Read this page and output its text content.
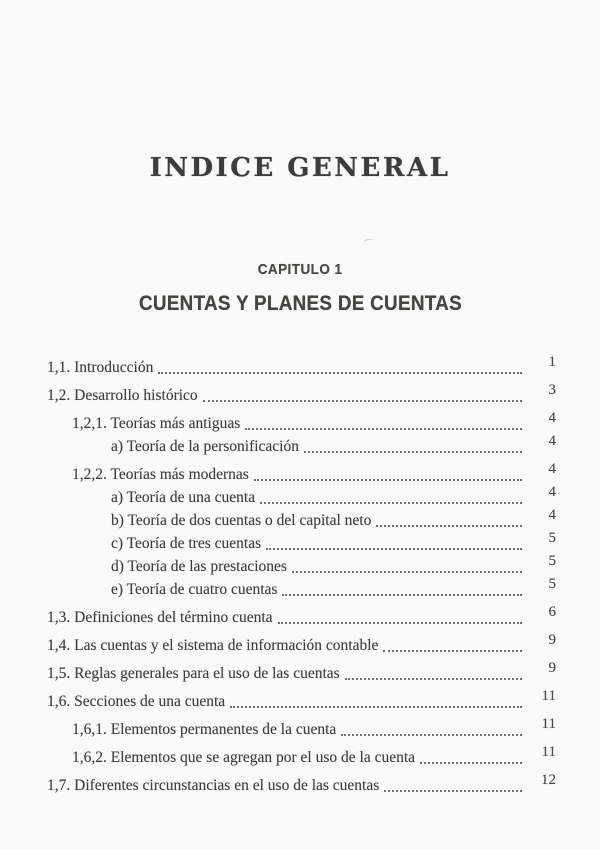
INDICE GENERAL
CAPITULO 1
CUENTAS Y PLANES DE CUENTAS
1,1. Introducción	1
1,2. Desarrollo histórico	3
1,2,1. Teorías más antiguas	4
a) Teoría de la personificación	4
1,2,2. Teorías más modernas	4
a) Teoría de una cuenta	4
b) Teoría de dos cuentas o del capital neto	4
c) Teoría de tres cuentas	5
d) Teoría de las prestaciones	5
e) Teoría de cuatro cuentas	5
1,3. Definiciones del término cuenta	6
1,4. Las cuentas y el sistema de información contable	9
1,5. Reglas generales para el uso de las cuentas	9
1,6. Secciones de una cuenta	11
1,6,1. Elementos permanentes de la cuenta	11
1,6,2. Elementos que se agregan por el uso de la cuenta	11
1,7. Diferentes circunstancias en el uso de las cuentas	12
